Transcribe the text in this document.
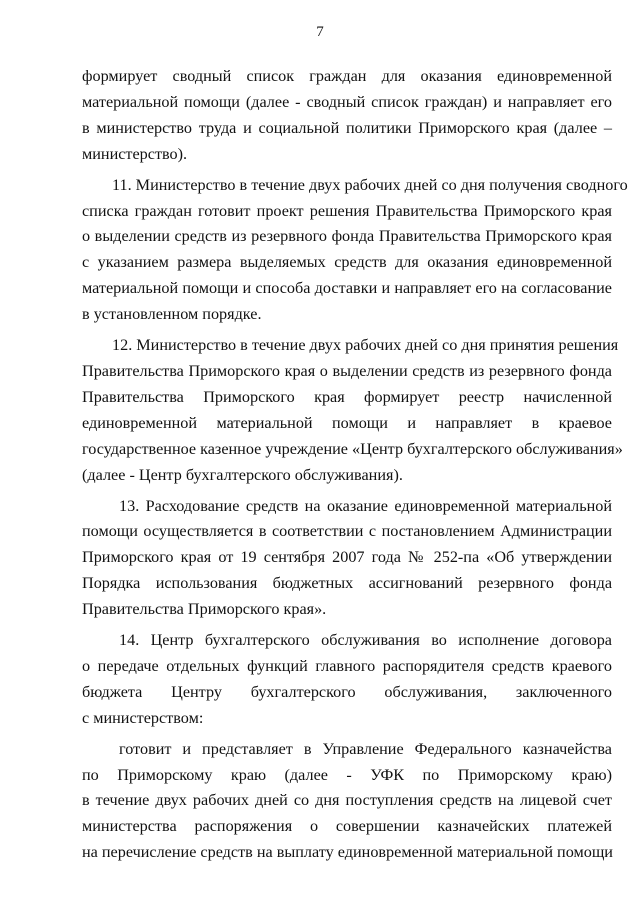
7

формирует сводный список граждан для оказания единовременной

материальной помощи (далее - сводный список граждан) и направляет его

в министерство труда и социальной политики Приморского края (далее –

министерство).

11. Министерство в течение двух рабочих дней со дня получения сводного

списка граждан готовит проект решения Правительства Приморского края

о выделении средств из резервного фонда Правительства Приморского края

с указанием размера выделяемых средств для оказания единовременной

материальной помощи и способа доставки и направляет его на согласование

в установленном порядке.

12. Министерство в течение двух рабочих дней со дня принятия решения

Правительства Приморского края о выделении средств из резервного фонда

Правительства Приморского края формирует реестр начисленной

единовременной материальной помощи и направляет в краевое

государственное казенное учреждение «Центр бухгалтерского обслуживания»

(далее - Центр бухгалтерского обслуживания).

13. Расходование средств на оказание единовременной материальной

помощи осуществляется в соответствии с постановлением Администрации

Приморского края от 19 сентября 2007 года № 252-па «Об утверждении

Порядка использования бюджетных ассигнований резервного фонда

Правительства Приморского края».

14. Центр бухгалтерского обслуживания во исполнение договора

о передаче отдельных функций главного распорядителя средств краевого

бюджета Центру бухгалтерского обслуживания, заключенного

с министерством:

готовит и представляет в Управление Федерального казначейства

по Приморскому краю (далее - УФК по Приморскому краю)

в течение двух рабочих дней со дня поступления средств на лицевой счет

министерства распоряжения о совершении казначейских платежей

на перечисление средств на выплату единовременной материальной помощи
